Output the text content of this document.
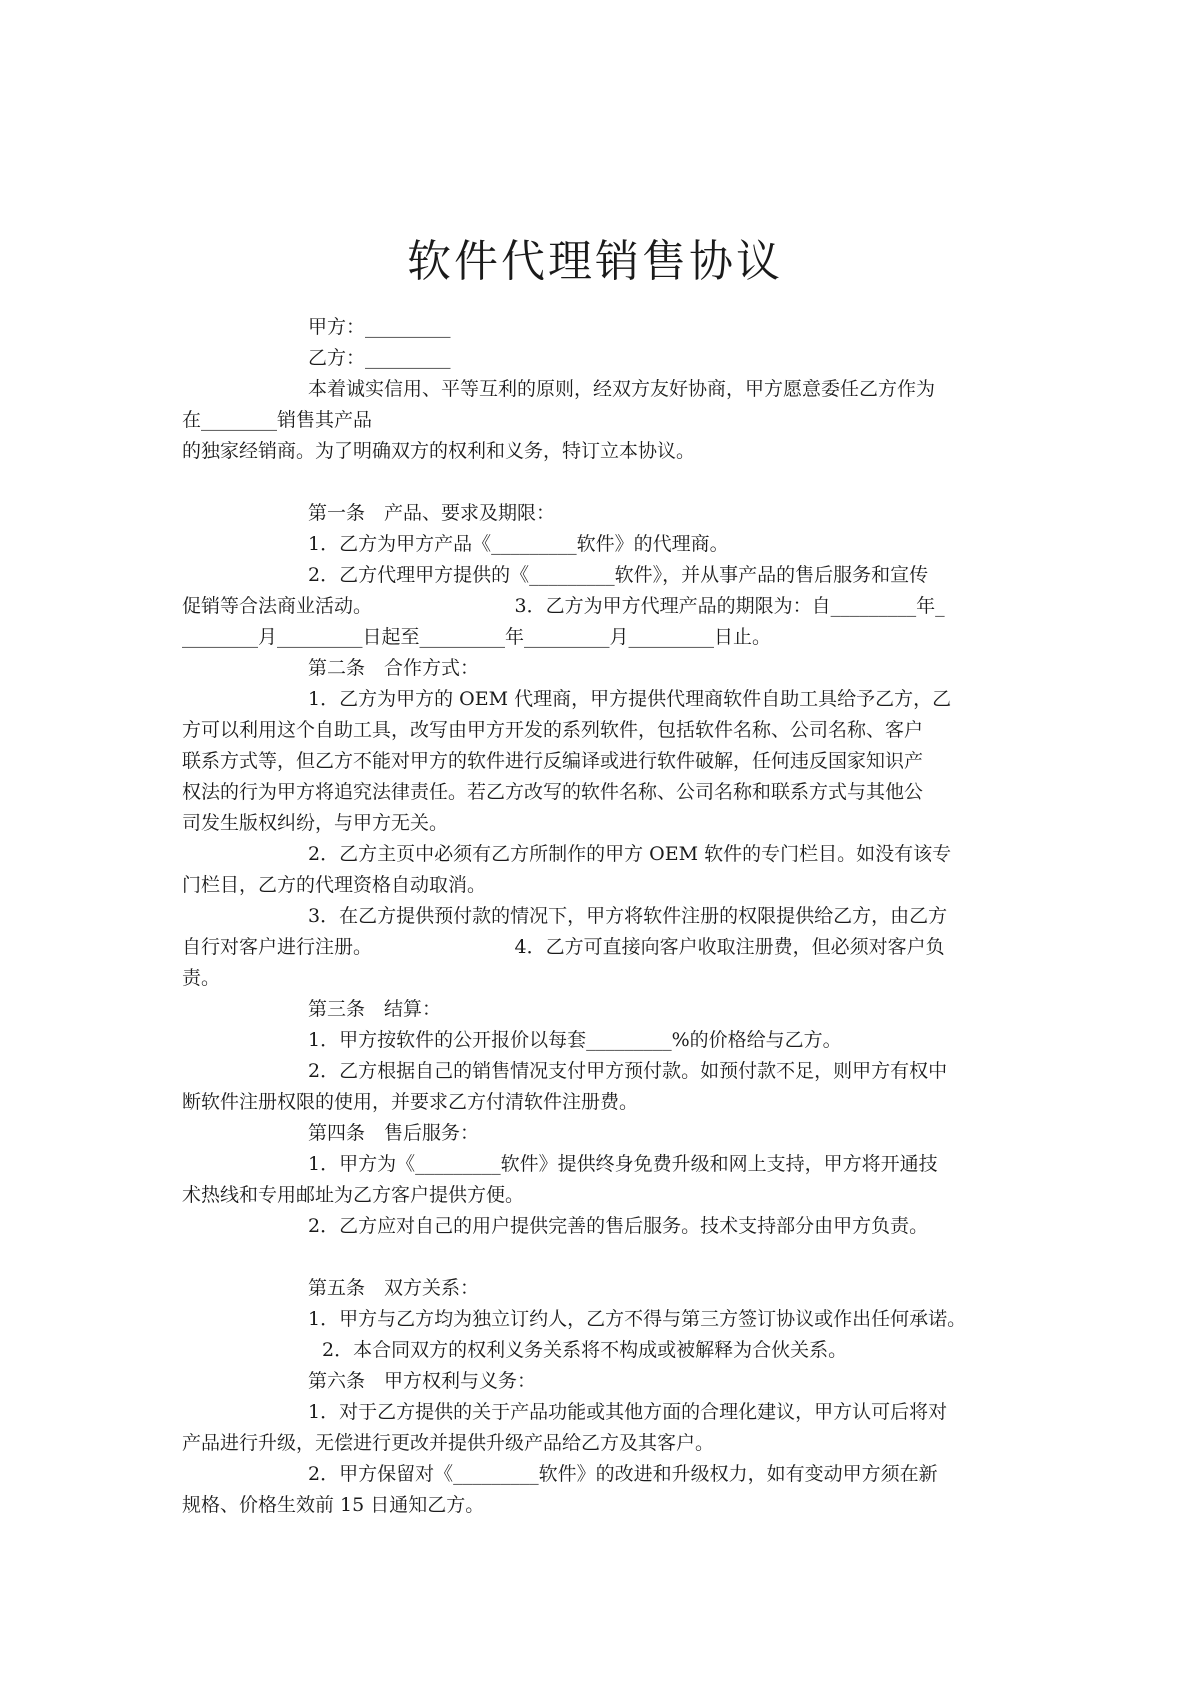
软件代理销售协议

甲方：_________

乙方：_________

本着诚实信用、平等互利的原则，经双方友好协商，甲方愿意委任乙方作为

在________销售其产品

的独家经销商。为了明确双方的权利和义务，特订立本协议。

第一条　产品、要求及期限：

1．乙方为甲方产品《_________软件》的代理商。

2．乙方代理甲方提供的《_________软件》，并从事产品的售后服务和宣传

促销等合法商业活动。　　　　　　　　3．乙方为甲方代理产品的期限为：自_________年_

________月_________日起至_________年_________月_________日止。

第二条　合作方式：

1．乙方为甲方的 OEM 代理商，甲方提供代理商软件自助工具给予乙方，乙

方可以利用这个自助工具，改写由甲方开发的系列软件，包括软件名称、公司名称、客户

联系方式等，但乙方不能对甲方的软件进行反编译或进行软件破解，任何违反国家知识产

权法的行为甲方将追究法律责任。若乙方改写的软件名称、公司名称和联系方式与其他公

司发生版权纠纷，与甲方无关。

2．乙方主页中必须有乙方所制作的甲方 OEM 软件的专门栏目。如没有该专

门栏目，乙方的代理资格自动取消。

3．在乙方提供预付款的情况下，甲方将软件注册的权限提供给乙方，由乙方

自行对客户进行注册。　　　　　　　　4．乙方可直接向客户收取注册费，但必须对客户负

责。

第三条　结算：

1．甲方按软件的公开报价以每套_________%的价格给与乙方。

2．乙方根据自己的销售情况支付甲方预付款。如预付款不足，则甲方有权中

断软件注册权限的使用，并要求乙方付清软件注册费。

第四条　售后服务：

1．甲方为《_________软件》提供终身免费升级和网上支持，甲方将开通技

术热线和专用邮址为乙方客户提供方便。

2．乙方应对自己的用户提供完善的售后服务。技术支持部分由甲方负责。

第五条　双方关系：

1．甲方与乙方均为独立订约人，乙方不得与第三方签订协议或作出任何承诺。

2．本合同双方的权利义务关系将不构成或被解释为合伙关系。

第六条　甲方权利与义务：

1．对于乙方提供的关于产品功能或其他方面的合理化建议，甲方认可后将对

产品进行升级，无偿进行更改并提供升级产品给乙方及其客户。

2．甲方保留对《_________软件》的改进和升级权力，如有变动甲方须在新

规格、价格生效前 15 日通知乙方。
